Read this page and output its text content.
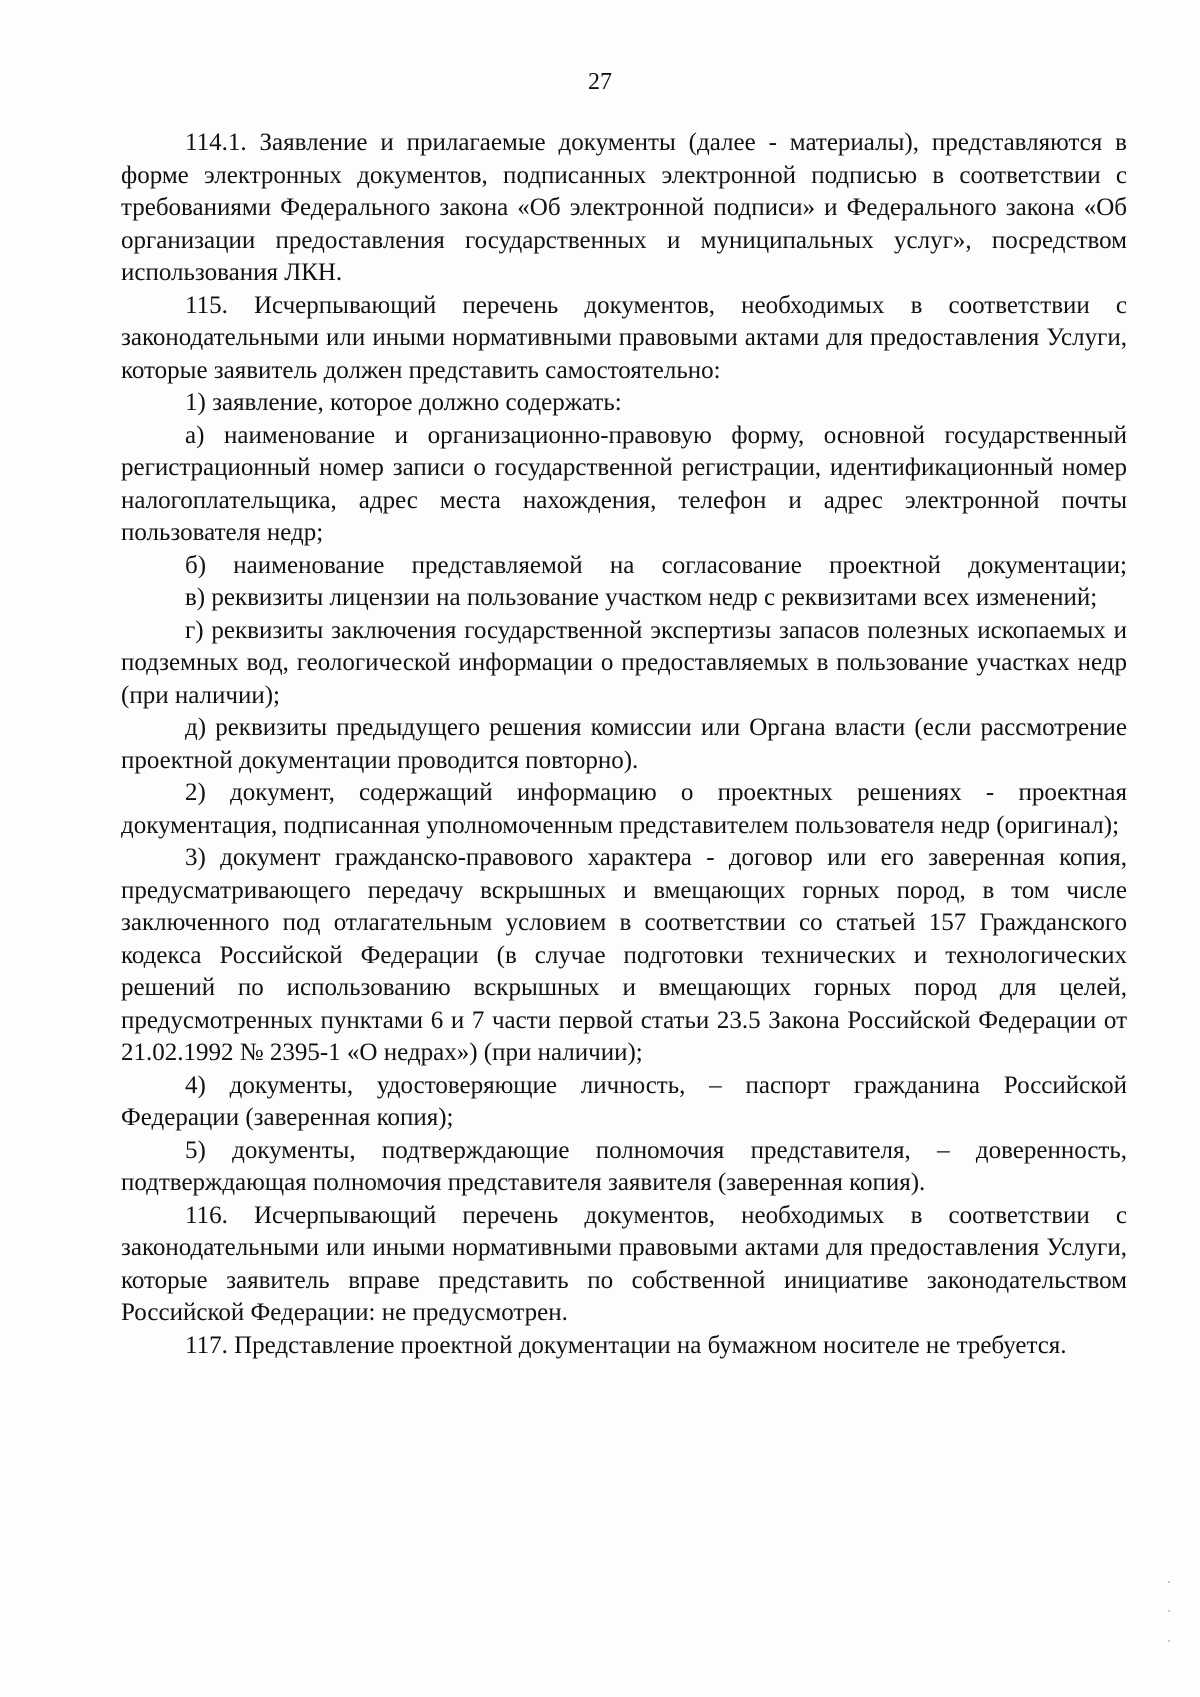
27

114.1. Заявление и прилагаемые документы (далее - материалы), представляются в форме электронных документов, подписанных электронной подписью в соответствии с требованиями Федерального закона «Об электронной подписи» и Федерального закона «Об организации предоставления государственных и муниципальных услуг», посредством использования ЛКН.

115. Исчерпывающий перечень документов, необходимых в соответствии с законодательными или иными нормативными правовыми актами для предоставления Услуги, которые заявитель должен представить самостоятельно:

1) заявление, которое должно содержать:

а) наименование и организационно-правовую форму, основной государственный регистрационный номер записи о государственной регистрации, идентификационный номер налогоплательщика, адрес места нахождения, телефон и адрес электронной почты пользователя недр;

б) наименование представляемой на согласование проектной документации;

в) реквизиты лицензии на пользование участком недр с реквизитами всех изменений;

г) реквизиты заключения государственной экспертизы запасов полезных ископаемых и подземных вод, геологической информации о предоставляемых в пользование участках недр (при наличии);

д) реквизиты предыдущего решения комиссии или Органа власти (если рассмотрение проектной документации проводится повторно).

2) документ, содержащий информацию о проектных решениях - проектная документация, подписанная уполномоченным представителем пользователя недр (оригинал);

3) документ гражданско-правового характера - договор или его заверенная копия, предусматривающего передачу вскрышных и вмещающих горных пород, в том числе заключенного под отлагательным условием в соответствии со статьей 157 Гражданского кодекса Российской Федерации (в случае подготовки технических и технологических решений по использованию вскрышных и вмещающих горных пород для целей, предусмотренных пунктами 6 и 7 части первой статьи 23.5 Закона Российской Федерации от 21.02.1992 № 2395-1 «О недрах») (при наличии);

4) документы, удостоверяющие личность, – паспорт гражданина Российской Федерации (заверенная копия);

5) документы, подтверждающие полномочия представителя, – доверенность, подтверждающая полномочия представителя заявителя (заверенная копия).

116. Исчерпывающий перечень документов, необходимых в соответствии с законодательными или иными нормативными правовыми актами для предоставления Услуги, которые заявитель вправе представить по собственной инициативе законодательством Российской Федерации: не предусмотрен.

117. Представление проектной документации на бумажном носителе не требуется.
